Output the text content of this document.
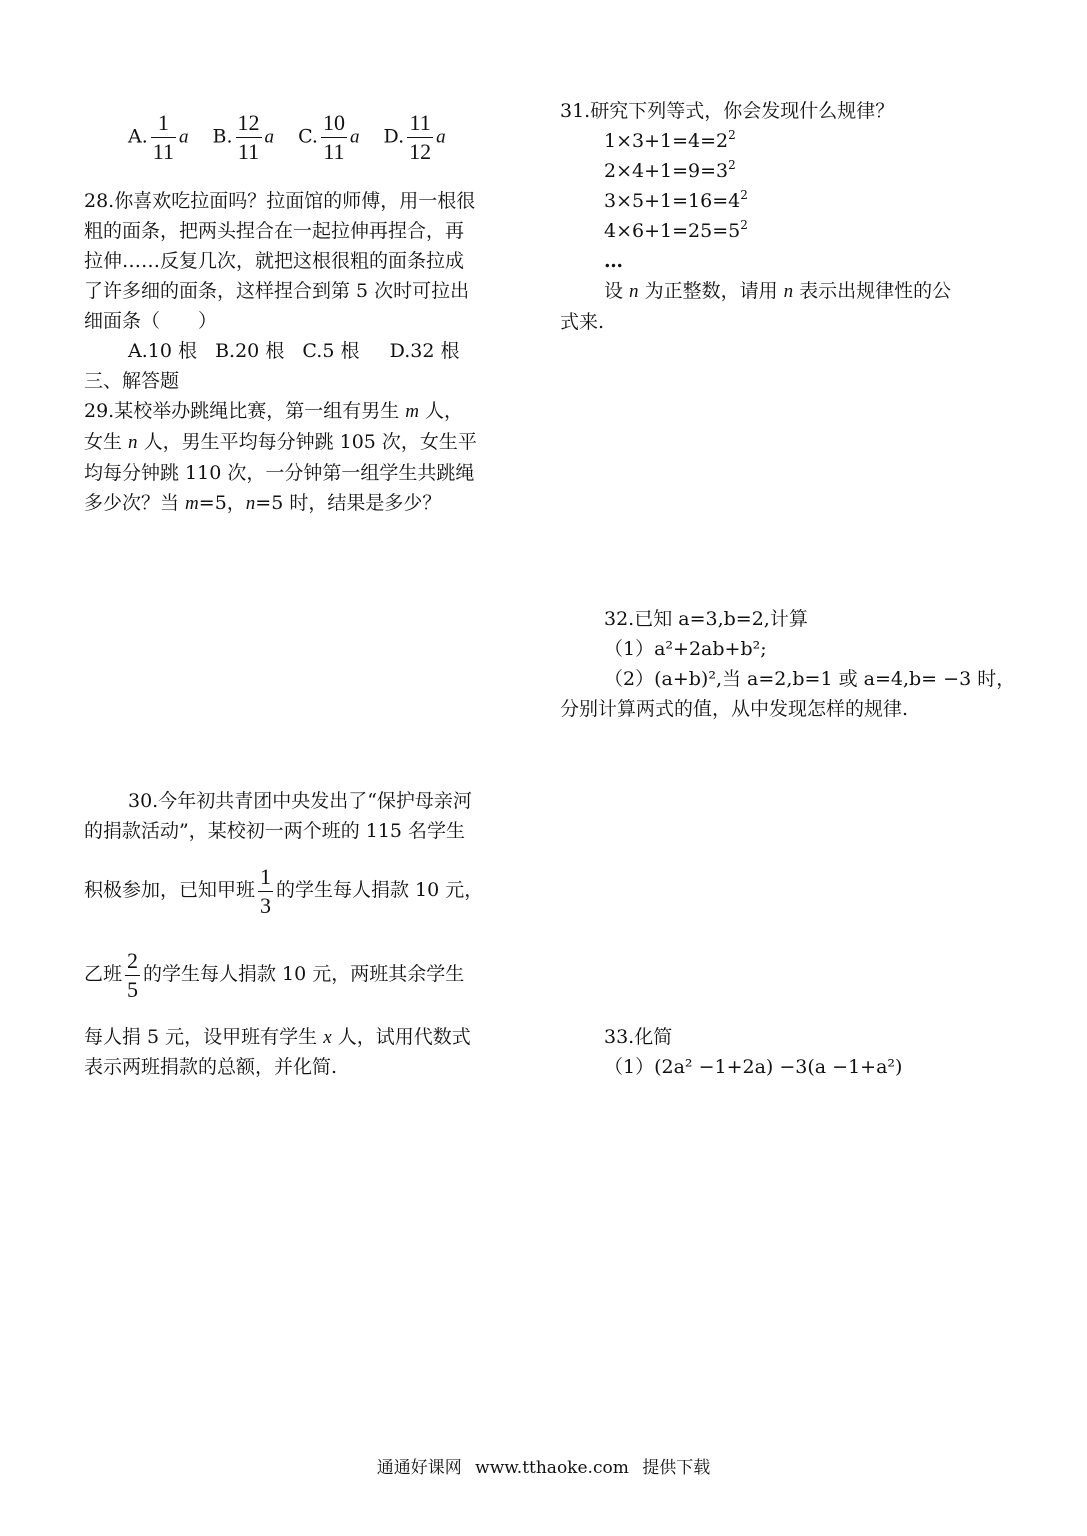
A. $\frac{1}{11}$ a B. $\frac{12}{11}$ a C. $\frac{10}{11}$ a D. $\frac{11}{12}$ a
28.你喜欢吃拉面吗？拉面馆的师傅，用一根很
粗的面条，把两头捏合在一起拉伸再捏合，再
拉伸……反复几次，就把这根很粗的面条拉成
了许多细的面条，这样捏合到第 5 次时可拉出
细面条（　　）
A.10 根   B.20 根   C.5 根     D.32 根
三、解答题
29.某校举办跳绳比赛，第一组有男生 m 人，
女生 n 人，男生平均每分钟跳 105 次，女生平
均每分钟跳 110 次，一分钟第一组学生共跳绳
多少次？当 m=5，n=5 时，结果是多少？
30.今年初共青团中央发出了“保护母亲河
的捐款活动”，某校初一两个班的 115 名学生
积极参加，已知甲班 $\frac{1}{3}$ 的学生每人捐款 10 元，
乙班 $\frac{2}{5}$ 的学生每人捐款 10 元，两班其余学生
每人捐 5 元，设甲班有学生 x 人，试用代数式
表示两班捐款的总额，并化简.
31.研究下列等式，你会发现什么规律？
$1\times 3+1=4=2^2$
$2\times 4+1=9=3^2$
$3\times 5+1=16=4^2$
$4\times 6+1=25=5^2$
…
设 n 为正整数，请用 n 表示出规律性的公
式来.
32.已知 a=3,b=2,计算
（1）a²+2ab+b²;
（2）(a+b)²,当 a=2,b=1 或 a=4,b= −3 时，
分别计算两式的值，从中发现怎样的规律.
33.化简
（1）(2a² −1+2a) −3(a −1+a²)
通通好课网 www.tthaoke.com 提供下载
